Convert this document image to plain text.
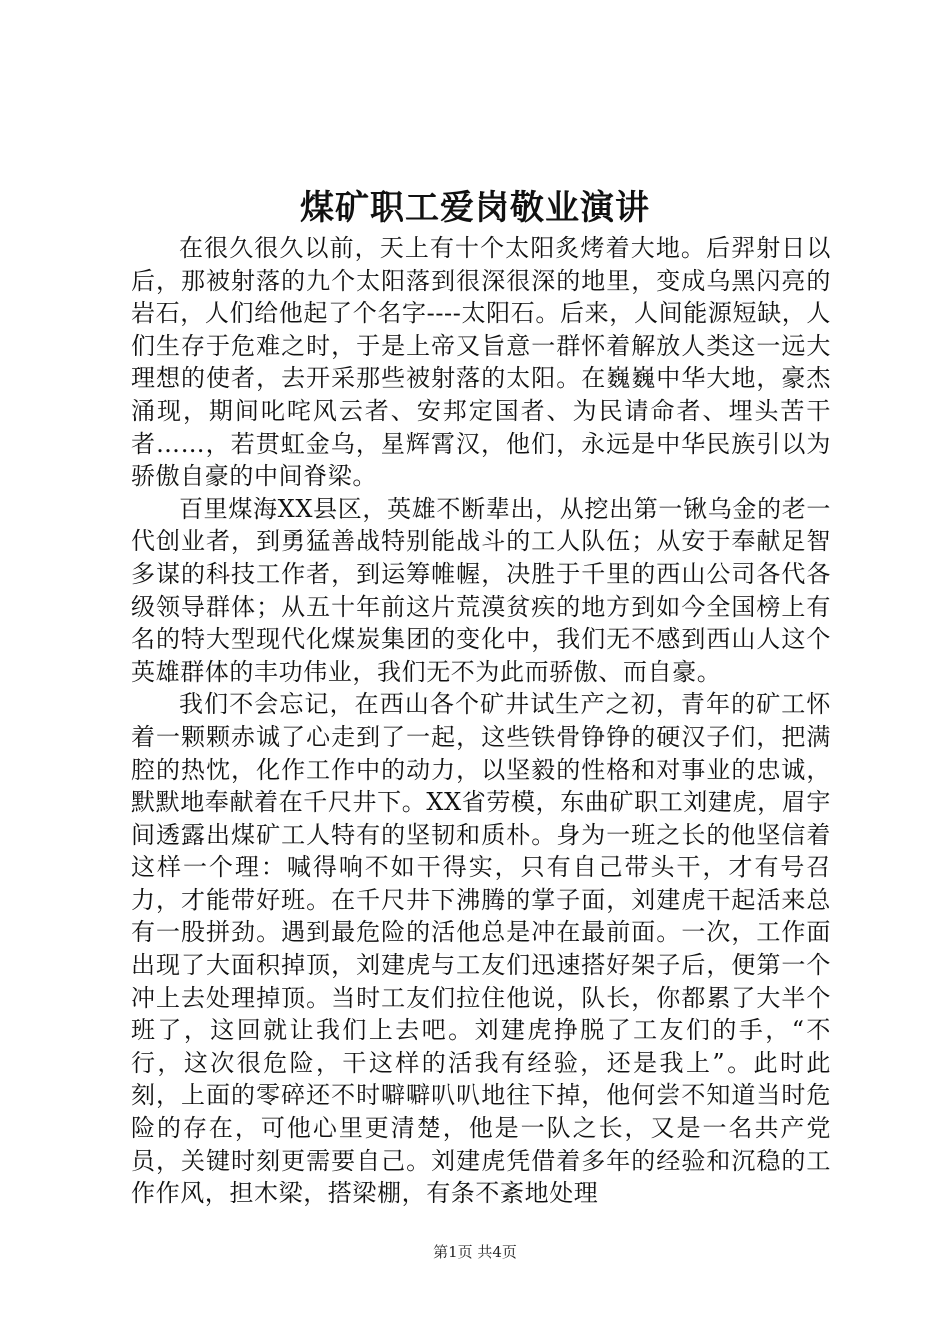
煤矿职工爱岗敬业演讲

在很久很久以前，天上有十个太阳炙烤着大地。后羿射日以后，那被射落的九个太阳落到很深很深的地里，变成乌黑闪亮的岩石，人们给他起了个名字----太阳石。后来，人间能源短缺，人们生存于危难之时，于是上帝又旨意一群怀着解放人类这一远大理想的使者，去开采那些被射落的太阳。在巍巍中华大地，豪杰涌现，期间叱咤风云者、安邦定国者、为民请命者、埋头苦干者……，若贯虹金乌，星辉霄汉，他们，永远是中华民族引以为骄傲自豪的中间脊梁。

百里煤海XX县区，英雄不断辈出，从挖出第一锹乌金的老一代创业者，到勇猛善战特别能战斗的工人队伍；从安于奉献足智多谋的科技工作者，到运筹帷幄，决胜于千里的西山公司各代各级领导群体；从五十年前这片荒漠贫疾的地方到如今全国榜上有名的特大型现代化煤炭集团的变化中，我们无不感到西山人这个英雄群体的丰功伟业，我们无不为此而骄傲、而自豪。

我们不会忘记，在西山各个矿井试生产之初，青年的矿工怀着一颗颗赤诚了心走到了一起，这些铁骨铮铮的硬汉子们，把满腔的热忱，化作工作中的动力，以坚毅的性格和对事业的忠诚，默默地奉献着在千尺井下。XX省劳模，东曲矿职工刘建虎，眉宇间透露出煤矿工人特有的坚韧和质朴。身为一班之长的他坚信着这样一个理：喊得响不如干得实，只有自己带头干，才有号召力，才能带好班。在千尺井下沸腾的掌子面，刘建虎干起活来总有一股拼劲。遇到最危险的活他总是冲在最前面。一次，工作面出现了大面积掉顶，刘建虎与工友们迅速搭好架子后，便第一个冲上去处理掉顶。当时工友们拉住他说，队长，你都累了大半个班了，这回就让我们上去吧。刘建虎挣脱了工友们的手，“不行，这次很危险，干这样的活我有经验，还是我上”。此时此刻，上面的零碎还不时噼噼叭叭地往下掉，他何尝不知道当时危险的存在，可他心里更清楚，他是一队之长，又是一名共产党员，关键时刻更需要自己。刘建虎凭借着多年的经验和沉稳的工作作风，担木梁，搭梁棚，有条不紊地处理

第1页 共4页
